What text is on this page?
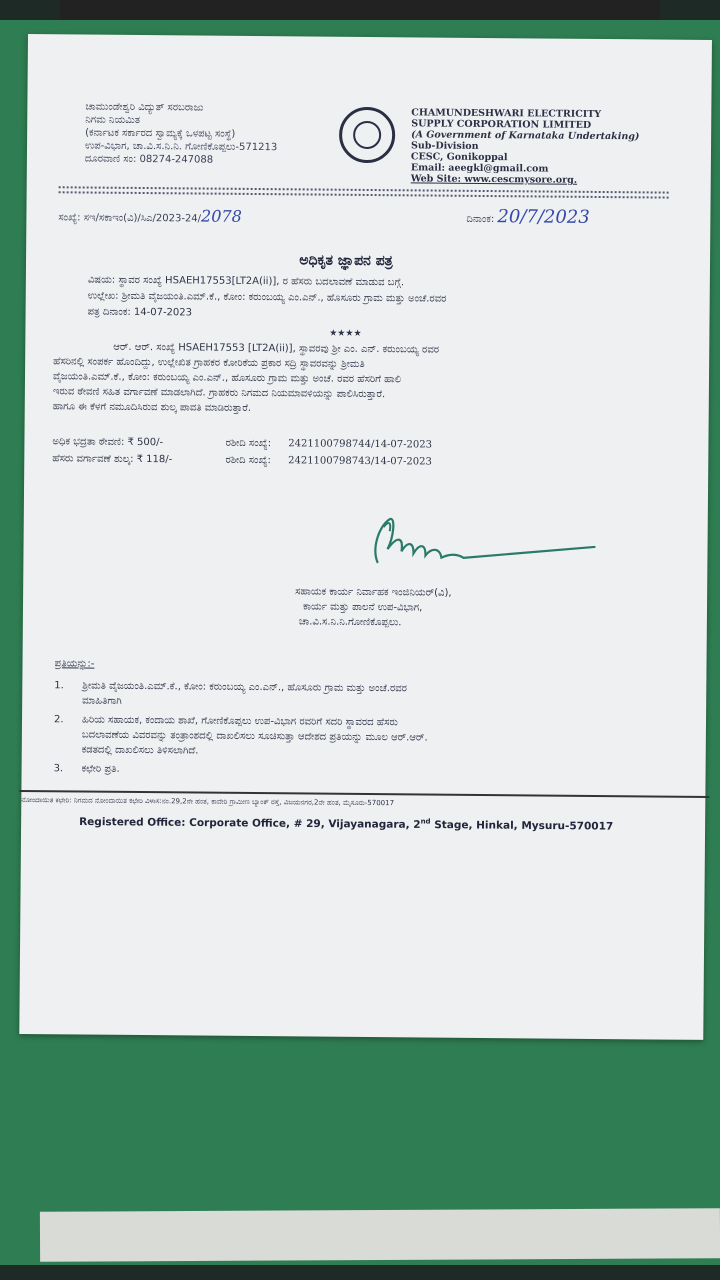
ಚಾಮುಂಡೇಶ್ವರಿ ವಿದ್ಯುತ್ ಸರಬರಾಜು
ನಿಗಮ ನಿಯಮಿತ
(ಕರ್ನಾಟಕ ಸರ್ಕಾರದ ಸ್ವಾಮ್ಯಕ್ಕೆ ಒಳಪಟ್ಟ ಸಂಸ್ಥೆ)
ಉಪ-ವಿಭಾಗ, ಚಾ.ವಿ.ಸ.ನಿ.ನಿ. ಗೋಣಿಕೊಪ್ಪಲು-571213
ದೂರವಾಣಿ ಸಂ: 08274-247088
CHAMUNDESHWARI ELECTRICITY
SUPPLY CORPORATION LIMITED
(A Government of Karnataka Undertaking)
Sub-Division
CESC, Gonikoppal
Email: aeegkl@gmail.com
Web Site: www.cescmysore.org.
ಸಂಖ್ಯೆ: ಸಇ/ಸಕಾಇಂ(ವಿ)/ಸಿಎ/2023-24/2078	ದಿನಾಂಕ: 20/7/2023
ಅಧಿಕೃತ ಜ್ಞಾಪನ ಪತ್ರ
ವಿಷಯ: ಸ್ಥಾವರ ಸಂಖ್ಯೆ HSAEH17553[LT2A(ii)], ರ ಹೆಸರು ಬದಲಾವಣೆ ಮಾಡುವ ಬಗ್ಗೆ.
ಉಲ್ಲೇಖ: ಶ್ರೀಮತಿ ವೈಜಯಂತಿ.ಎಮ್.ಕೆ., ಕೋಂ: ಕರುಂಬಯ್ಯ ಎಂ.ಎನ್., ಹೊಸೂರು ಗ್ರಾಮ ಮತ್ತು ಅಂಚೆ.ರವರ
ಪತ್ರ ದಿನಾಂಕ: 14-07-2023
★★★★
ಆರ್. ಆರ್. ಸಂಖ್ಯೆ HSAEH17553 [LT2A(ii)], ಸ್ಥಾವರವು ಶ್ರೀ ಎಂ. ಎನ್. ಕರುಂಬಯ್ಯ ರವರ
ಹೆಸರಿನಲ್ಲಿ ಸಂಪರ್ಕ ಹೊಂದಿದ್ದು, ಉಲ್ಲೇಖಿತ ಗ್ರಾಹಕರ ಕೋರಿಕೆಯ ಪ್ರಕಾರ ಸದ್ರಿ ಸ್ಥಾವರವನ್ನು ಶ್ರೀಮತಿ
ವೈಜಯಂತಿ.ಎಮ್.ಕೆ., ಕೋಂ: ಕರುಂಬಯ್ಯ ಎಂ.ಎನ್., ಹೊಸೂರು ಗ್ರಾಮ ಮತ್ತು ಅಂಚೆ. ರವರ ಹೆಸರಿಗೆ ಹಾಲಿ
ಇರುವ ಠೇವಣಿ ಸಹಿತ ವರ್ಗಾವಣೆ ಮಾಡಲಾಗಿದೆ. ಗ್ರಾಹಕರು ನಿಗಮದ ನಿಯಮಾವಳಿಯನ್ನು ಪಾಲಿಸಿರುತ್ತಾರೆ.
ಹಾಗೂ ಈ ಕೆಳಗೆ ನಮೂದಿಸಿರುವ ಶುಲ್ಕ ಪಾವತಿ ಮಾಡಿರುತ್ತಾರೆ.
ಅಧಿಕ ಭದ್ರತಾ ಠೇವಣಿ: ₹ 500/-	ರಶೀದಿ ಸಂಖ್ಯೆ: 2421100798744/14-07-2023
ಹೆಸರು ವರ್ಗಾವಣೆ ಶುಲ್ಕ: ₹ 118/-	ರಶೀದಿ ಸಂಖ್ಯೆ: 2421100798743/14-07-2023
ಸಹಾಯಕ ಕಾರ್ಯ ನಿರ್ವಾಹಕ ಇಂಜಿನಿಯರ್(ವಿ),
ಕಾರ್ಯ ಮತ್ತು ಪಾಲನೆ ಉಪ-ವಿಭಾಗ,
ಚಾ.ವಿ.ಸ.ನಿ.ನಿ.ಗೋಣಿಕೊಪ್ಪಲು.
ಪ್ರತಿಯನ್ನು:-
1.	ಶ್ರೀಮತಿ ವೈಜಯಂತಿ.ಎಮ್.ಕೆ., ಕೋಂ: ಕರುಂಬಯ್ಯ ಎಂ.ಎನ್., ಹೊಸೂರು ಗ್ರಾಮ ಮತ್ತು ಅಂಚೆ.ರವರ
ಮಾಹಿತಿಗಾಗಿ
2.	ಹಿರಿಯ ಸಹಾಯಕ, ಕಂದಾಯ ಶಾಖೆ, ಗೋಣಿಕೊಪ್ಪಲು ಉಪ-ವಿಭಾಗ ರವರಿಗೆ ಸದರಿ ಸ್ಥಾವರದ ಹೆಸರು
ಬದಲಾವಣೆಯ ವಿವರವನ್ನು ತಂತ್ರಾಂಶದಲ್ಲಿ ದಾಖಲಿಸಲು ಸೂಚಿಸುತ್ತಾ ಆದೇಶದ ಪ್ರತಿಯನ್ನು ಮೂಲ ಆರ್.ಆರ್.
ಕಡತದಲ್ಲಿ ದಾಖಲಿಸಲು ತಿಳಿಸಲಾಗಿದೆ.
3.	ಕಛೇರಿ ಪ್ರತಿ.
ನೋಂದಾಯಿತ ಕಛೇರಿ: ನಿಗಮದ ನೋಂದಾಯಿತ ಕಛೇರಿ ವಿಳಾಸ:ನಂ.29,2ನೇ ಹಂತ, ಕಾವೇರಿ ಗ್ರಾಮೀಣ ಬ್ಯಾಂಕ್ ರಸ್ತೆ, ವಿಜಯನಗರ,2ನೇ ಹಂತ, ಮೈಸೂರು-570017
Registered Office: Corporate Office, # 29, Vijayanagara, 2nd Stage, Hinkal, Mysuru-570017
